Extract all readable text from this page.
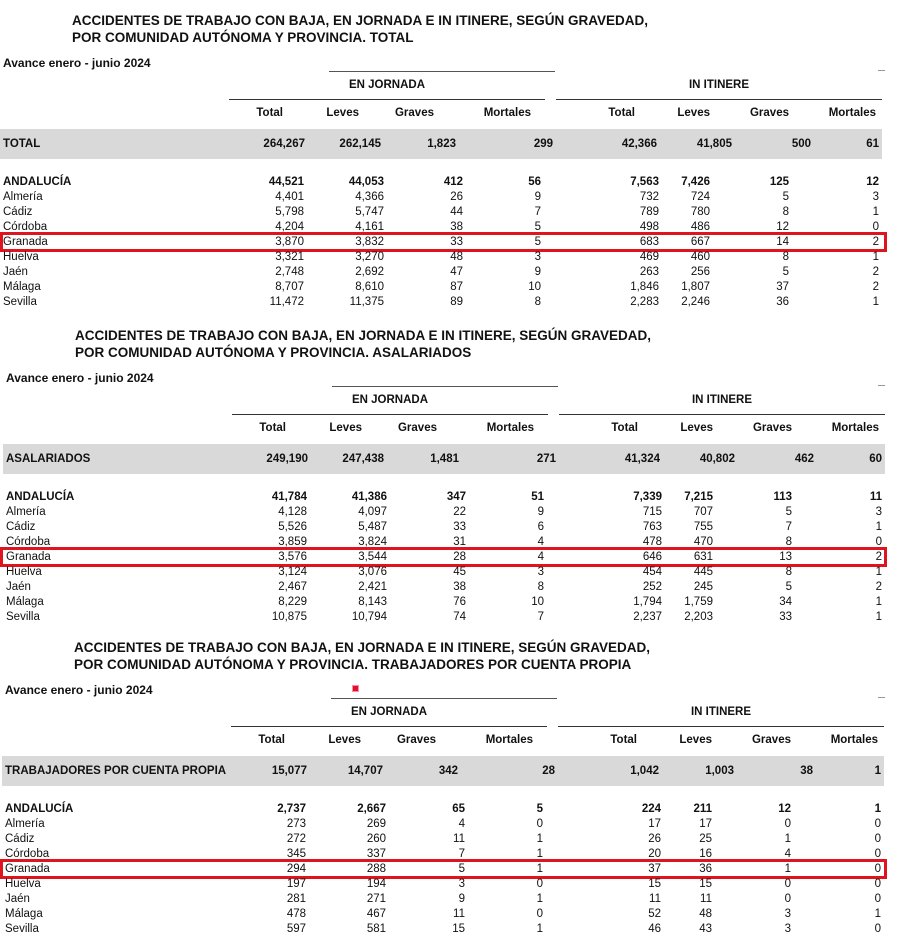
ACCIDENTES DE TRABAJO CON BAJA, EN JORNADA E IN ITINERE, SEGÚN GRAVEDAD,
POR COMUNIDAD AUTÓNOMA Y PROVINCIA. TOTAL
Avance enero - junio 2024
EN JORNADA	IN ITINERE
Total	Leves	Graves	Mortales	Total	Leves	Graves	Mortales
TOTAL	264,267	262,145	1,823	299	42,366	41,805	500	61
ANDALUCÍA	44,521	44,053	412	56	7,563	7,426	125	12
Almería	4,401	4,366	26	9	732	724	5	3
Cádiz	5,798	5,747	44	7	789	780	8	1
Córdoba	4,204	4,161	38	5	498	486	12	0
Granada	3,870	3,832	33	5	683	667	14	2
Huelva	3,321	3,270	48	3	469	460	8	1
Jaén	2,748	2,692	47	9	263	256	5	2
Málaga	8,707	8,610	87	10	1,846	1,807	37	2
Sevilla	11,472	11,375	89	8	2,283	2,246	36	1
ACCIDENTES DE TRABAJO CON BAJA, EN JORNADA E IN ITINERE, SEGÚN GRAVEDAD,
POR COMUNIDAD AUTÓNOMA Y PROVINCIA. ASALARIADOS
Avance enero - junio 2024
EN JORNADA	IN ITINERE
Total	Leves	Graves	Mortales	Total	Leves	Graves	Mortales
ASALARIADOS	249,190	247,438	1,481	271	41,324	40,802	462	60
ANDALUCÍA	41,784	41,386	347	51	7,339	7,215	113	11
Almería	4,128	4,097	22	9	715	707	5	3
Cádiz	5,526	5,487	33	6	763	755	7	1
Córdoba	3,859	3,824	31	4	478	470	8	0
Granada	3,576	3,544	28	4	646	631	13	2
Huelva	3,124	3,076	45	3	454	445	8	1
Jaén	2,467	2,421	38	8	252	245	5	2
Málaga	8,229	8,143	76	10	1,794	1,759	34	1
Sevilla	10,875	10,794	74	7	2,237	2,203	33	1
ACCIDENTES DE TRABAJO CON BAJA, EN JORNADA E IN ITINERE, SEGÚN GRAVEDAD,
POR COMUNIDAD AUTÓNOMA Y PROVINCIA. TRABAJADORES POR CUENTA PROPIA
Avance enero - junio 2024
EN JORNADA	IN ITINERE
Total	Leves	Graves	Mortales	Total	Leves	Graves	Mortales
TRABAJADORES POR CUENTA PROPIA	15,077	14,707	342	28	1,042	1,003	38	1
ANDALUCÍA	2,737	2,667	65	5	224	211	12	1
Almería	273	269	4	0	17	17	0	0
Cádiz	272	260	11	1	26	25	1	0
Córdoba	345	337	7	1	20	16	4	0
Granada	294	288	5	1	37	36	1	0
Huelva	197	194	3	0	15	15	0	0
Jaén	281	271	9	1	11	11	0	0
Málaga	478	467	11	0	52	48	3	1
Sevilla	597	581	15	1	46	43	3	0
